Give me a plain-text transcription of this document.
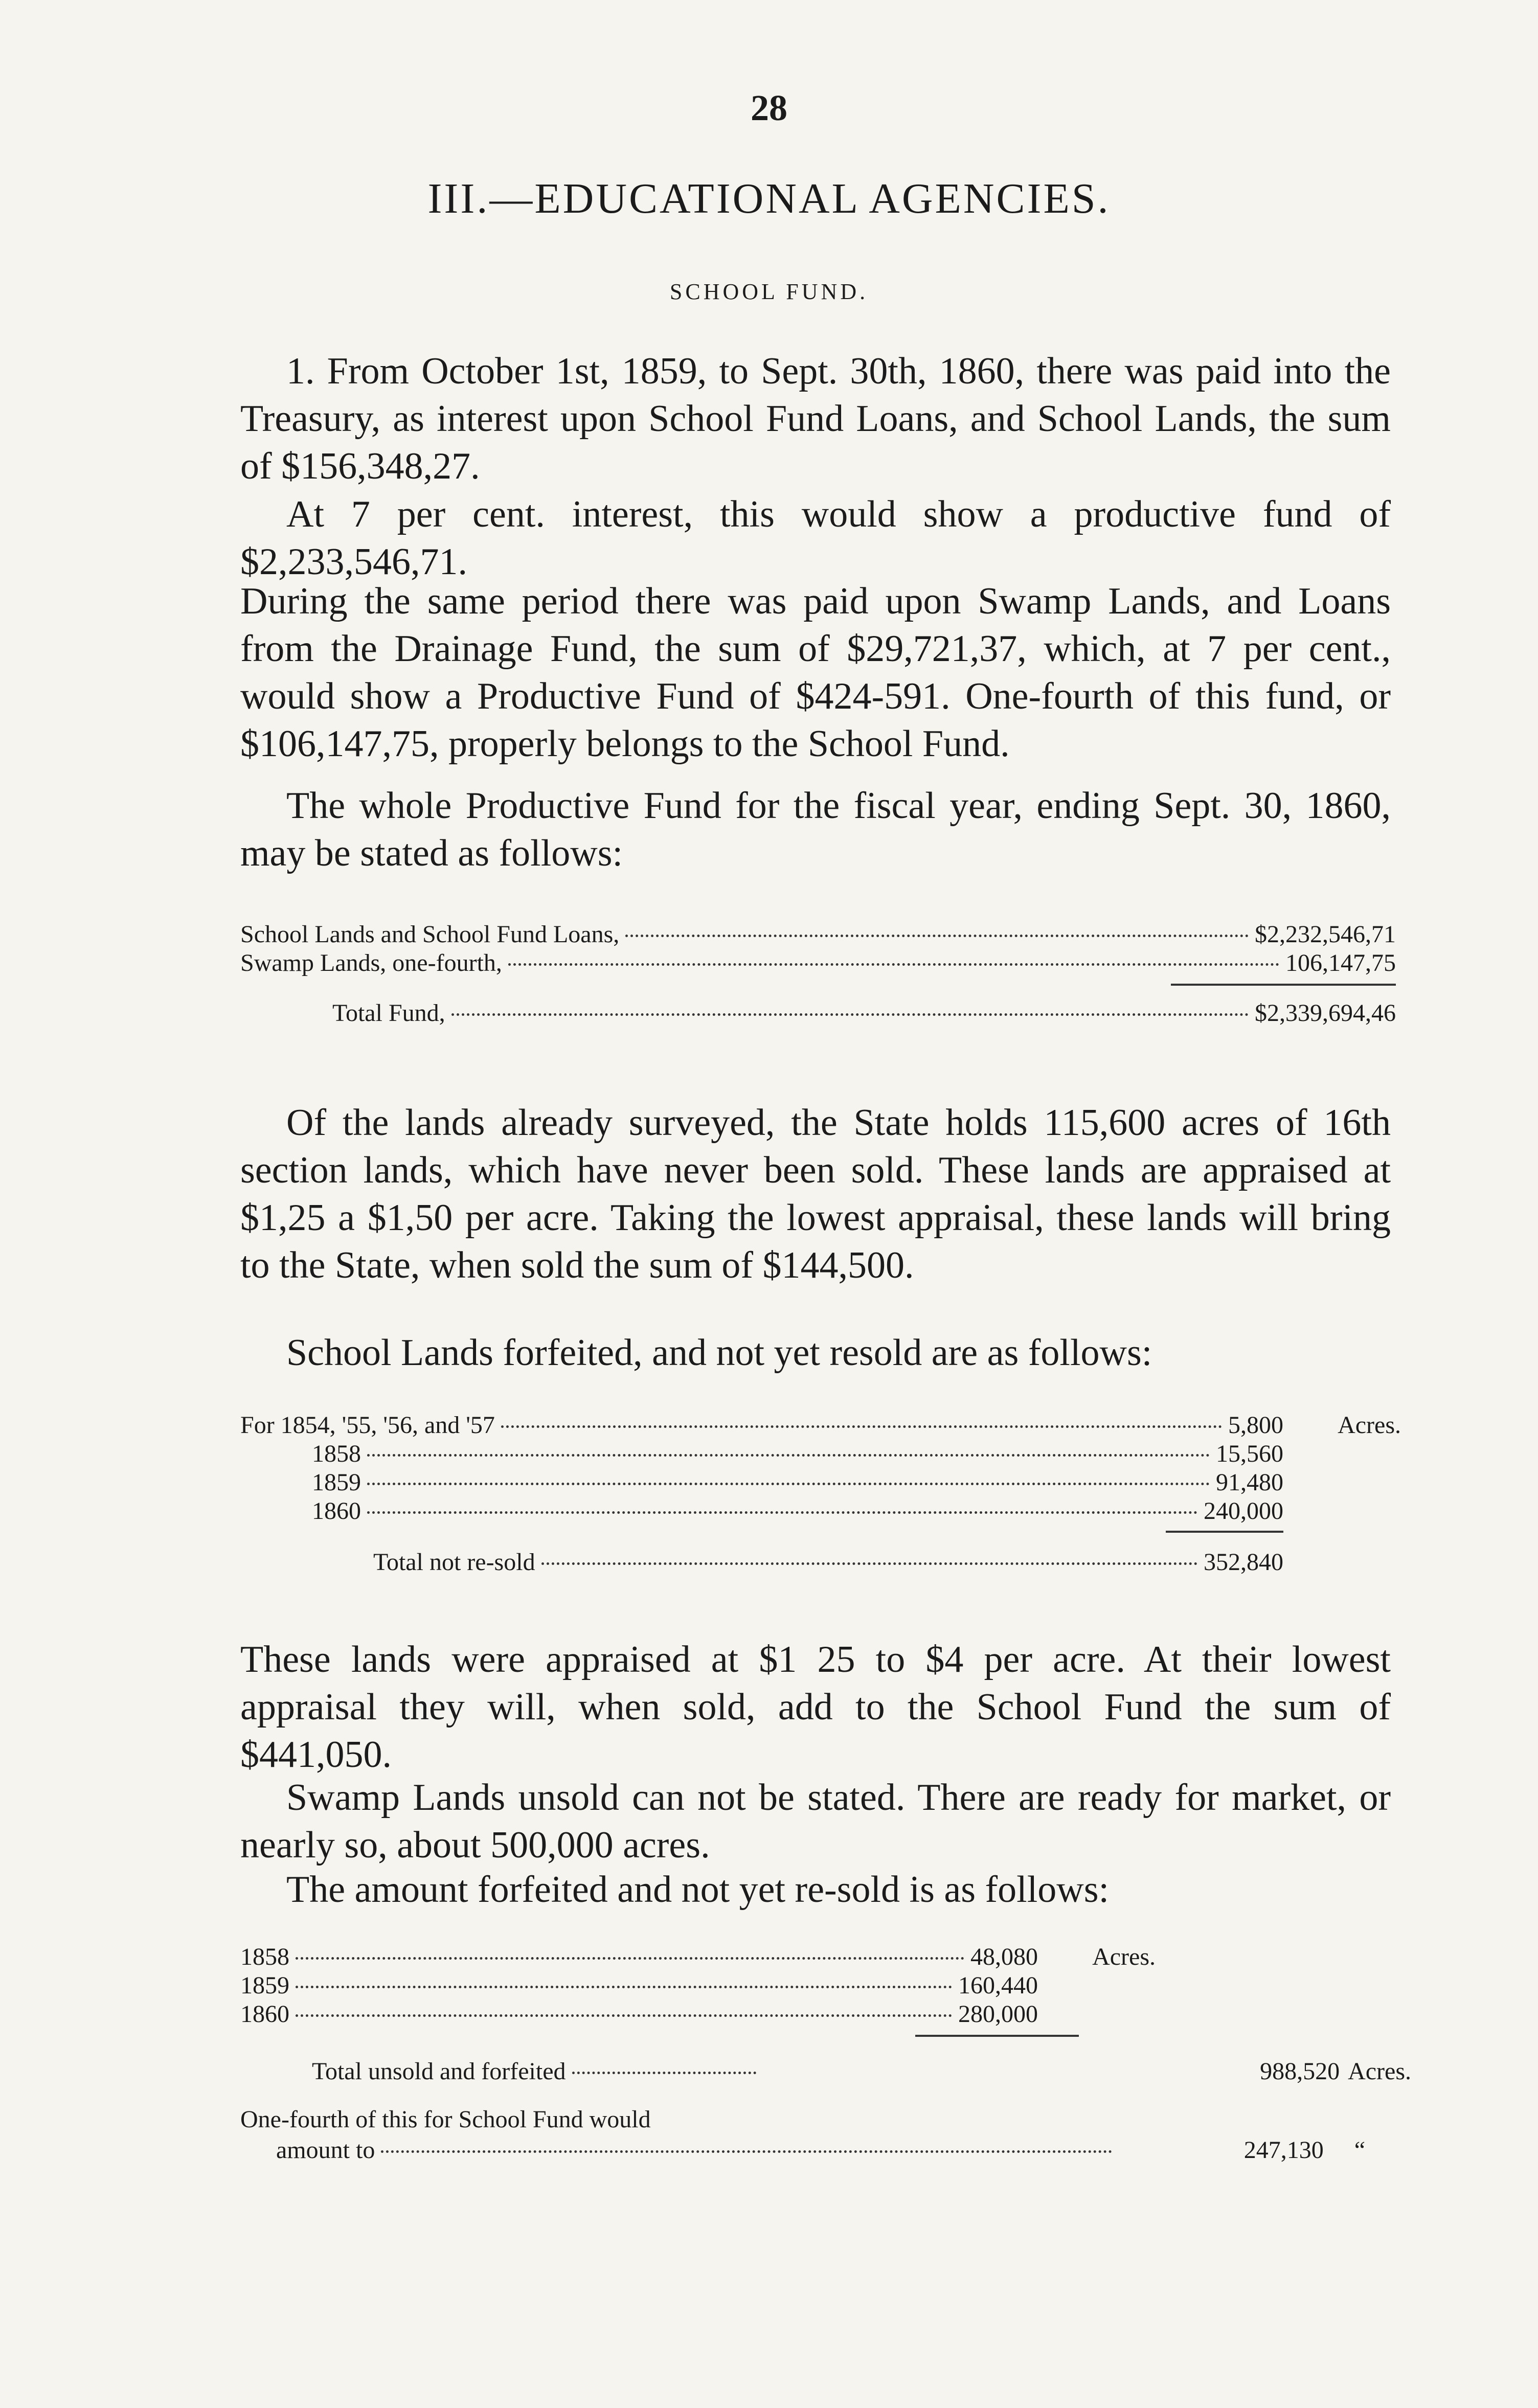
28
III.—EDUCATIONAL AGENCIES.
SCHOOL FUND.

1. From October 1st, 1859, to Sept. 30th, 1860, there was paid into the Treasury, as interest upon School Fund Loans, and School Lands, the sum of $156,348,27.

At 7 per cent. interest, this would show a productive fund of $2,233,546,71.

During the same period there was paid upon Swamp Lands, and Loans from the Drainage Fund, the sum of $29,721,37, which, at 7 per cent., would show a Productive Fund of $424-591. One-fourth of this fund, or $106,147,75, properly belongs to the School Fund.

The whole Productive Fund for the fiscal year, ending Sept. 30, 1860, may be stated as follows:

School Lands and School Fund Loans,	$2,232,546,71
Swamp Lands, one-fourth,	106,147,75
Total Fund,	$2,339,694,46

Of the lands already surveyed, the State holds 115,600 acres of 16th section lands, which have never been sold. These lands are appraised at $1,25 a $1,50 per acre. Taking the lowest appraisal, these lands will bring to the State, when sold the sum of $144,500.

School Lands forfeited, and not yet resold are as follows:

For 1854, '55, '56, and '57	5,800 Acres.
1858	15,560
1859	91,480
1860	240,000
Total not re-sold	352,840

These lands were appraised at $1 25 to $4 per acre. At their lowest appraisal they will, when sold, add to the School Fund the sum of $441,050.

Swamp Lands unsold can not be stated. There are ready for market, or nearly so, about 500,000 acres.

The amount forfeited and not yet re-sold is as follows:

1858	48,080 Acres.
1859	160,440
1860	280,000
Total unsold and forfeited	988,520 Acres.
One-fourth of this for School Fund would
amount to	247,130 “
